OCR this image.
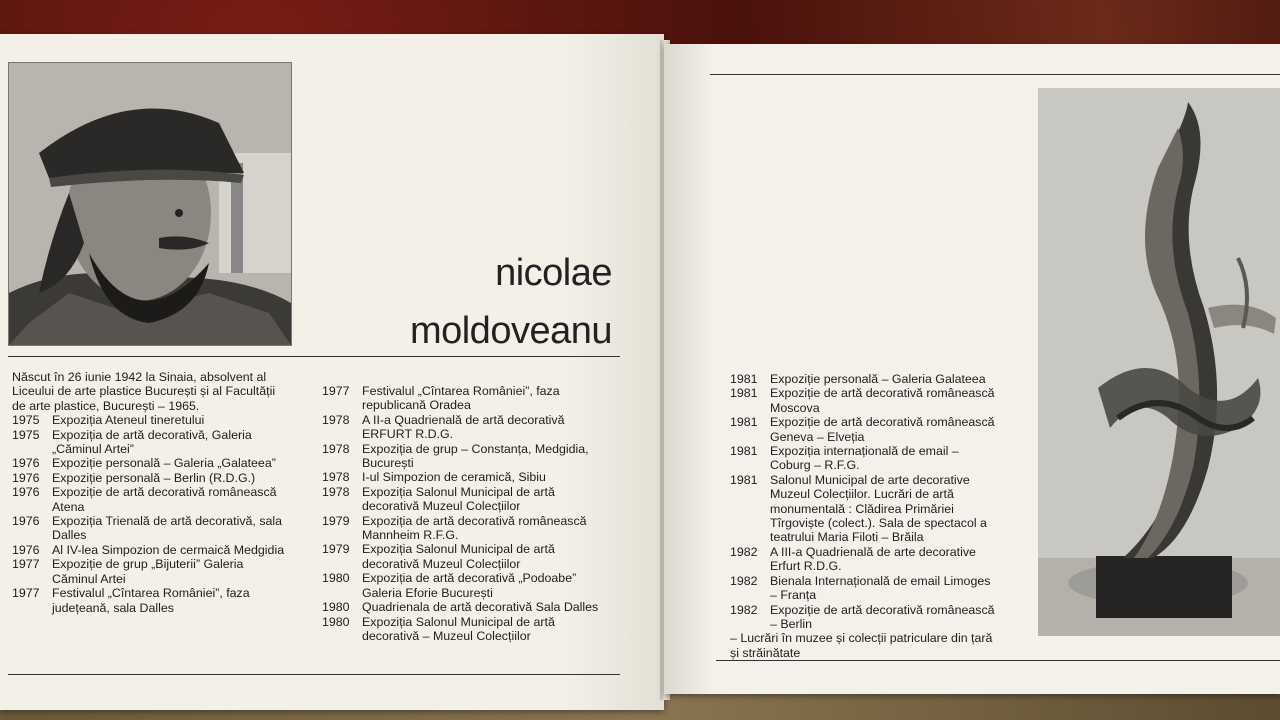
nicolae
moldoveanu
Născut în 26 iunie 1942 la Sinaia, absolvent al Liceului de arte plastice București și al Facultății de arte plastice, București – 1965.
1975	Expoziția Ateneul tineretului
1975	Expoziția de artă decorativă, Galeria „Căminul Artei”
1976	Expoziție personală – Galeria „Galateea”
1976	Expoziție personală – Berlin (R.D.G.)
1976	Expoziție de artă decorativă românească Atena
1976	Expoziția Trienală de artă decorativă, sala Dalles
1976	Al IV-lea Simpozion de cermaică Medgidia
1977	Expoziție de grup „Bijuterii” Galeria Căminul Artei
1977	Festivalul „Cîntarea României”, faza județeană, sala Dalles
1977	Festivalul „Cîntarea României”, faza republicană Oradea
1978	A II-a Quadrienală de artă decorativă ERFURT R.D.G.
1978	Expoziția de grup – Constanța, Medgidia, București
1978	I-ul Simpozion de ceramică, Sibiu
1978	Expoziția Salonul Municipal de artă decorativă Muzeul Colecțiilor
1979	Expoziția de artă decorativă românească Mannheim R.F.G.
1979	Expoziția Salonul Municipal de artă decorativă Muzeul Colecțiilor
1980	Expoziția de artă decorativă „Podoabe” Galeria Eforie București
1980	Quadrienala de artă decorativă Sala Dalles
1980	Expoziția Salonul Municipal de artă decorativă – Muzeul Colecțiilor
1981	Expoziție personală – Galeria Galateea
1981	Expoziție de artă decorativă românească Moscova
1981	Expoziție de artă decorativă românească Geneva – Elveția
1981	Expoziția internațională de email – Coburg – R.F.G.
1981	Salonul Municipal de arte decorative Muzeul Colecțiilor. Lucrări de artă monumentală : Clădirea Primăriei Tîrgoviște (colect.). Sala de spectacol a teatrului Maria Filoti – Brăila
1982	A III-a Quadrienală de arte decorative Erfurt R.D.G.
1982	Bienala Internațională de email Limoges – Franța
1982	Expoziție de artă decorativă românească – Berlin
– Lucrări în muzee și colecții patriculare din țară și străinătate
